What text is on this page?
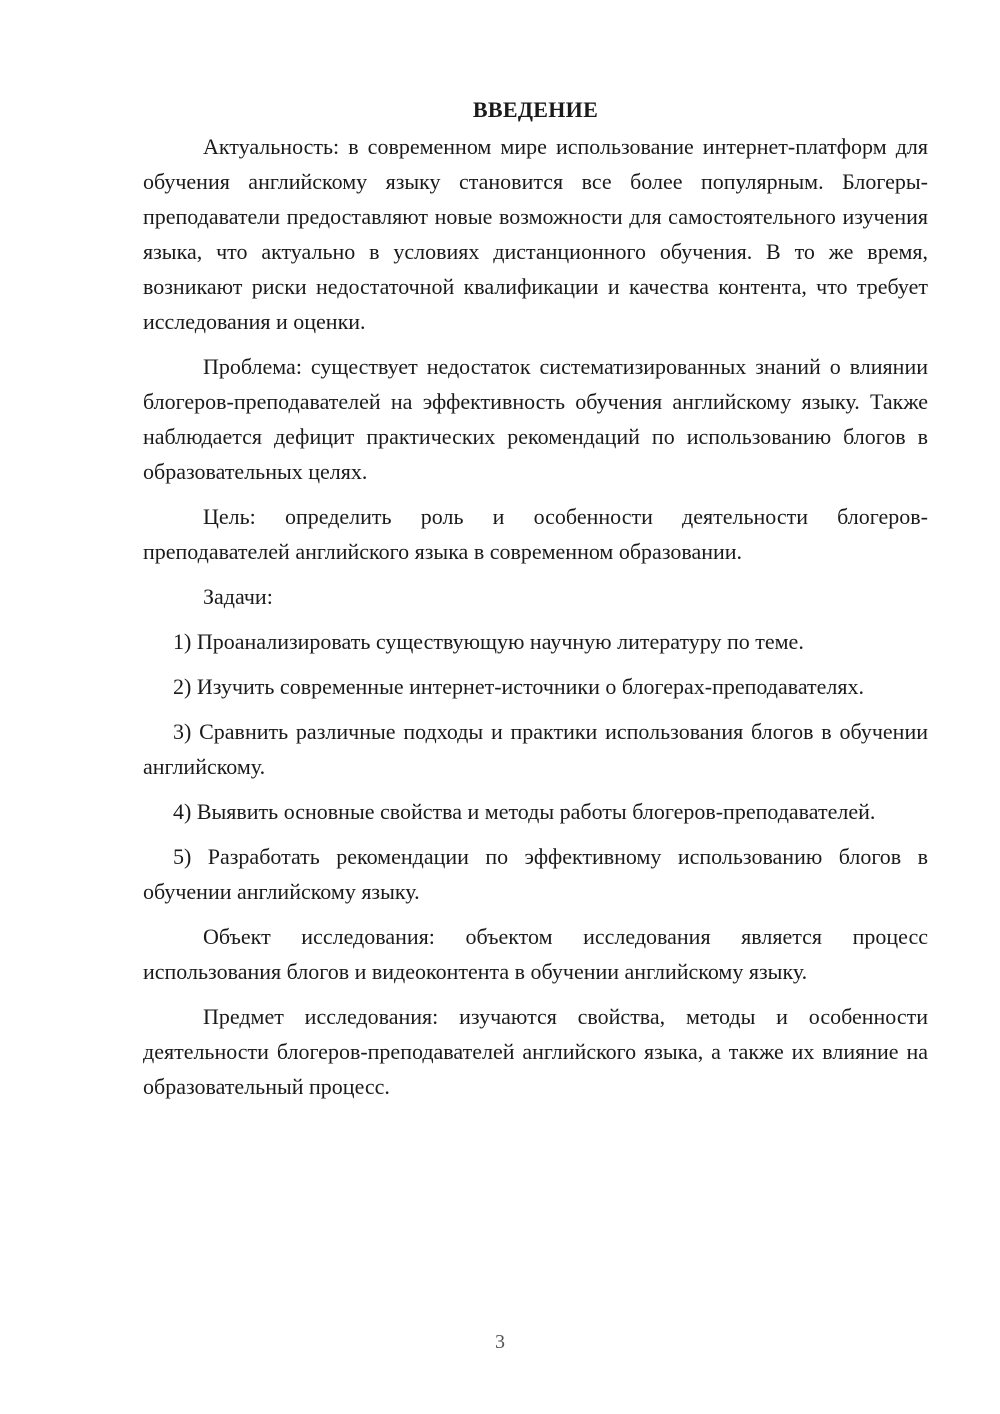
ВВЕДЕНИЕ

Актуальность: в современном мире использование интернет-платформ для обучения английскому языку становится все более популярным. Блогеры-преподаватели предоставляют новые возможности для самостоятельного изучения языка, что актуально в условиях дистанционного обучения. В то же время, возникают риски недостаточной квалификации и качества контента, что требует исследования и оценки.

Проблема: существует недостаток систематизированных знаний о влиянии блогеров-преподавателей на эффективность обучения английскому языку. Также наблюдается дефицит практических рекомендаций по использованию блогов в образовательных целях.

Цель: определить роль и особенности деятельности блогеров-преподавателей английского языка в современном образовании.

Задачи:

1) Проанализировать существующую научную литературу по теме.

2) Изучить современные интернет-источники о блогерах-преподавателях.

3) Сравнить различные подходы и практики использования блогов в обучении английскому.

4) Выявить основные свойства и методы работы блогеров-преподавателей.

5) Разработать рекомендации по эффективному использованию блогов в обучении английскому языку.

Объект исследования: объектом исследования является процесс использования блогов и видеоконтента в обучении английскому языку.

Предмет исследования: изучаются свойства, методы и особенности деятельности блогеров-преподавателей английского языка, а также их влияние на образовательный процесс.

3
